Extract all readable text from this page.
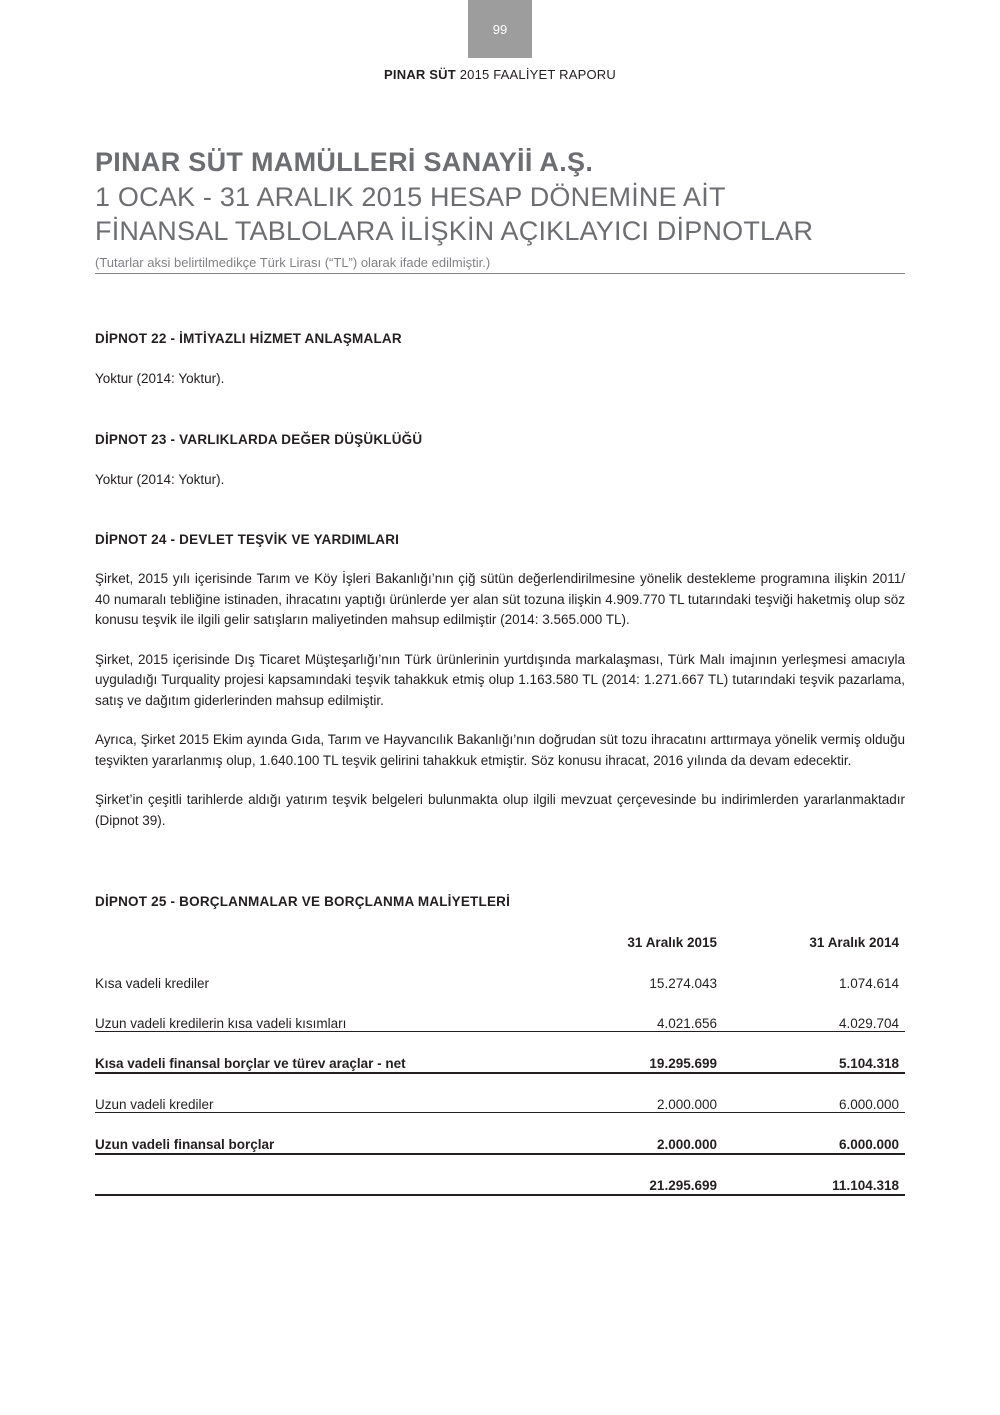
99
PINAR SÜT 2015 FAALİYET RAPORU
PINAR SÜT MAMÜLLERİ SANAYİİ A.Ş.
1 OCAK - 31 ARALIK 2015 HESAP DÖNEMİNE AİT
FİNANSAL TABLOLARA İLİŞKİN AÇIKLAYICI DİPNOTLAR
(Tutarlar aksi belirtilmedikçe Türk Lirası (“TL”) olarak ifade edilmiştir.)
DİPNOT 22 - İMTİYAZLI HİZMET ANLAŞMALAR
Yoktur (2014: Yoktur).
DİPNOT 23 - VARLIKLARDA DEĞER DÜŞÜKLÜĞÜ
Yoktur (2014: Yoktur).
DİPNOT 24 - DEVLET TEŞVİK VE YARDIMLARI
Şirket, 2015 yılı içerisinde Tarım ve Köy İşleri Bakanlığı’nın çiğ sütün değerlendirilmesine yönelik destekleme programına ilişkin 2011/ 40 numaralı tebliğine istinaden, ihracatını yaptığı ürünlerde yer alan süt tozuna ilişkin 4.909.770 TL tutarındaki teşviği haketmiş olup söz konusu teşvik ile ilgili gelir satışların maliyetinden mahsup edilmiştir (2014: 3.565.000 TL).
Şirket, 2015 içerisinde Dış Ticaret Müşteşarlığı’nın Türk ürünlerinin yurtdışında markalaşması, Türk Malı imajının yerleşmesi amacıyla uyguladığı Turquality projesi kapsamındaki teşvik tahakkuk etmiş olup 1.163.580 TL (2014: 1.271.667 TL) tutarındaki teşvik pazarlama, satış ve dağıtım giderlerinden mahsup edilmiştir.
Ayrıca, Şirket 2015 Ekim ayında Gıda, Tarım ve Hayvancılık Bakanlığı’nın doğrudan süt tozu ihracatını arttırmaya yönelik vermiş olduğu teşvikten yararlanmış olup, 1.640.100 TL teşvik gelirini tahakkuk etmiştir. Söz konusu ihracat, 2016 yılında da devam edecektir.
Şirket’in çeşitli tarihlerde aldığı yatırım teşvik belgeleri bulunmakta olup ilgili mevzuat çerçevesinde bu indirimlerden yararlanmaktadır (Dipnot 39).
DİPNOT 25 - BORÇLANMALAR VE BORÇLANMA MALİYETLERİ
31 Aralık 2015	31 Aralık 2014
Kısa vadeli krediler	15.274.043	1.074.614
Uzun vadeli kredilerin kısa vadeli kısımları	4.021.656	4.029.704
Kısa vadeli finansal borçlar ve türev araçlar - net	19.295.699	5.104.318
Uzun vadeli krediler	2.000.000	6.000.000
Uzun vadeli finansal borçlar	2.000.000	6.000.000
21.295.699	11.104.318
